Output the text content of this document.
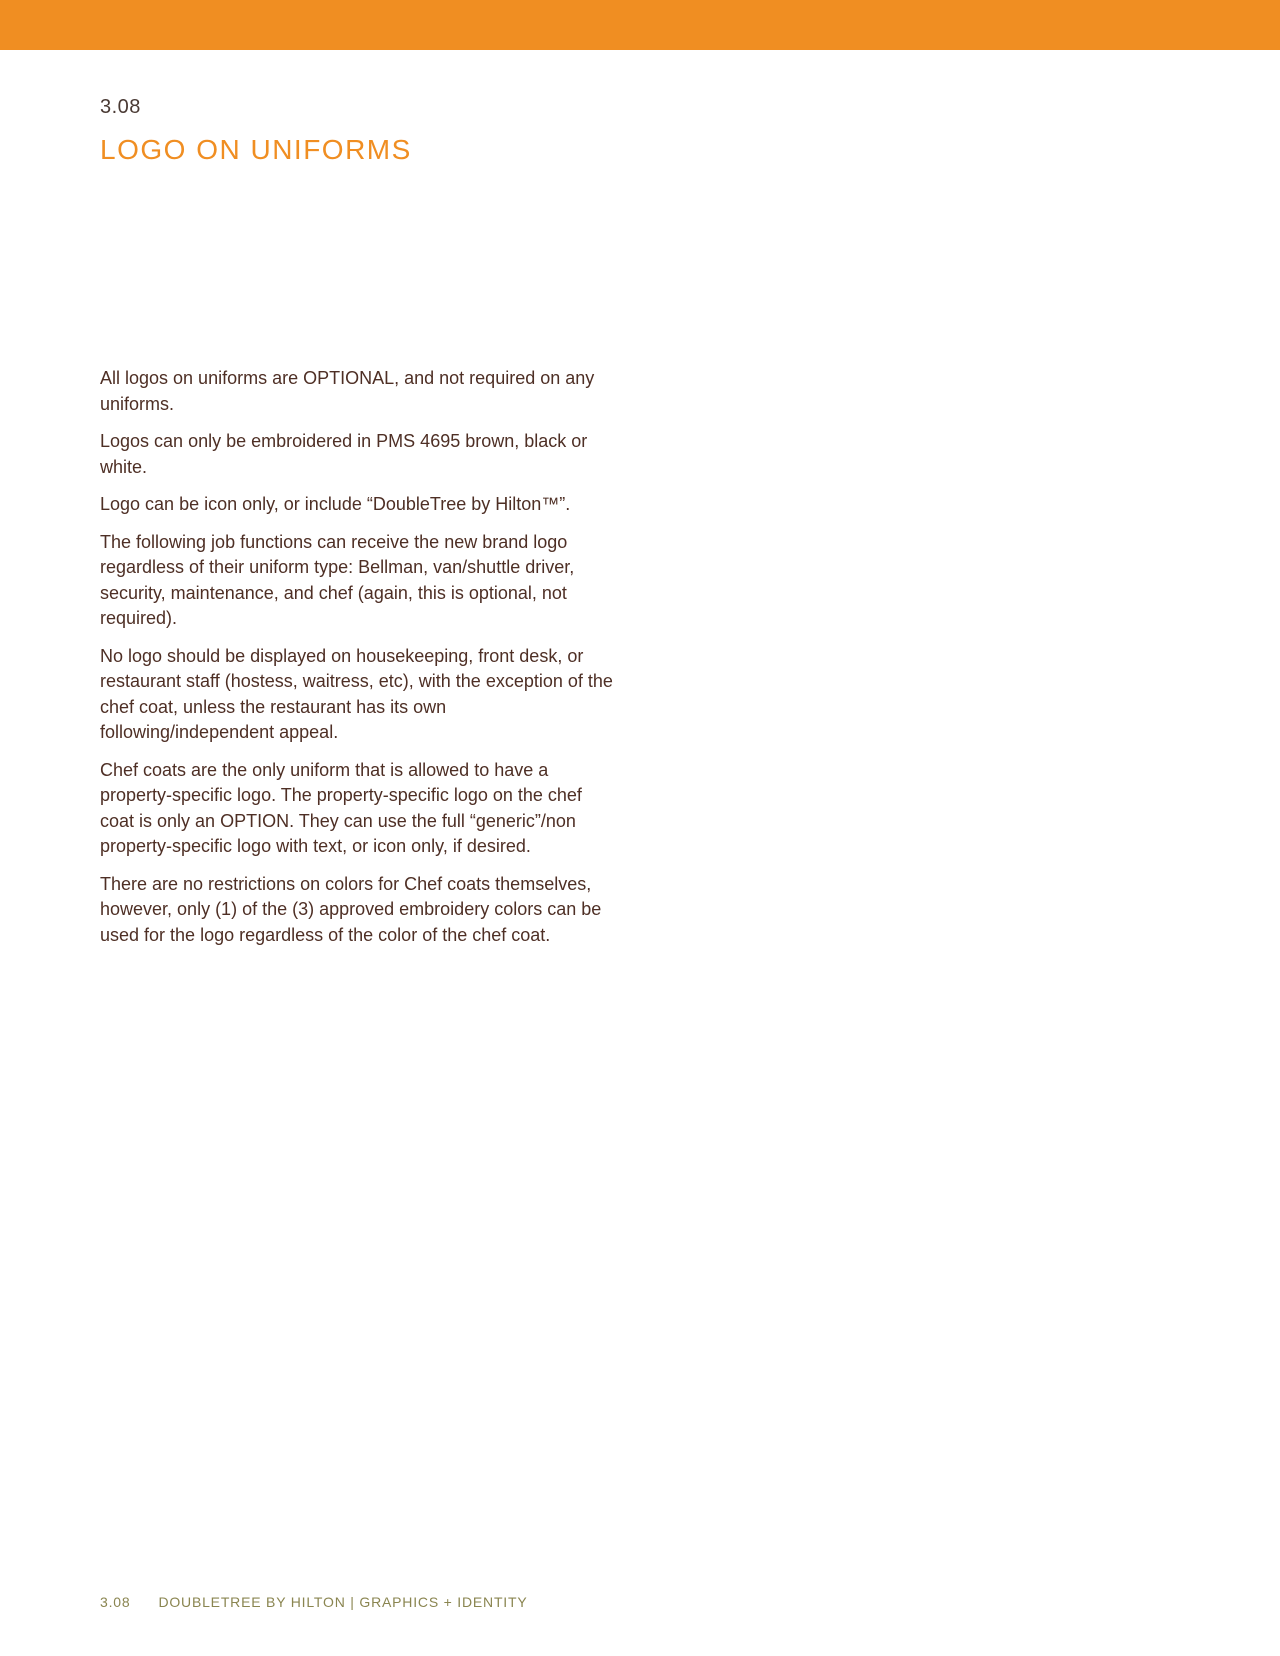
3.08
LOGO ON UNIFORMS

All logos on uniforms are OPTIONAL, and not required on any uniforms.

Logos can only be embroidered in PMS 4695 brown, black or white.

Logo can be icon only, or include “DoubleTree by Hilton™”.

The following job functions can receive the new brand logo regardless of their uniform type: Bellman, van/shuttle driver, security, maintenance, and chef (again, this is optional, not required).

No logo should be displayed on housekeeping, front desk, or restaurant staff (hostess, waitress, etc), with the exception of the chef coat, unless the restaurant has its own following/independent appeal.

Chef coats are the only uniform that is allowed to have a property-specific logo. The property-specific logo on the chef coat is only an OPTION. They can use the full “generic”/non property-specific logo with text, or icon only, if desired.

There are no restrictions on colors for Chef coats themselves, however, only (1) of the (3) approved embroidery colors can be used for the logo regardless of the color of the chef coat.

3.08 DOUBLETREE BY HILTON | GRAPHICS + IDENTITY
